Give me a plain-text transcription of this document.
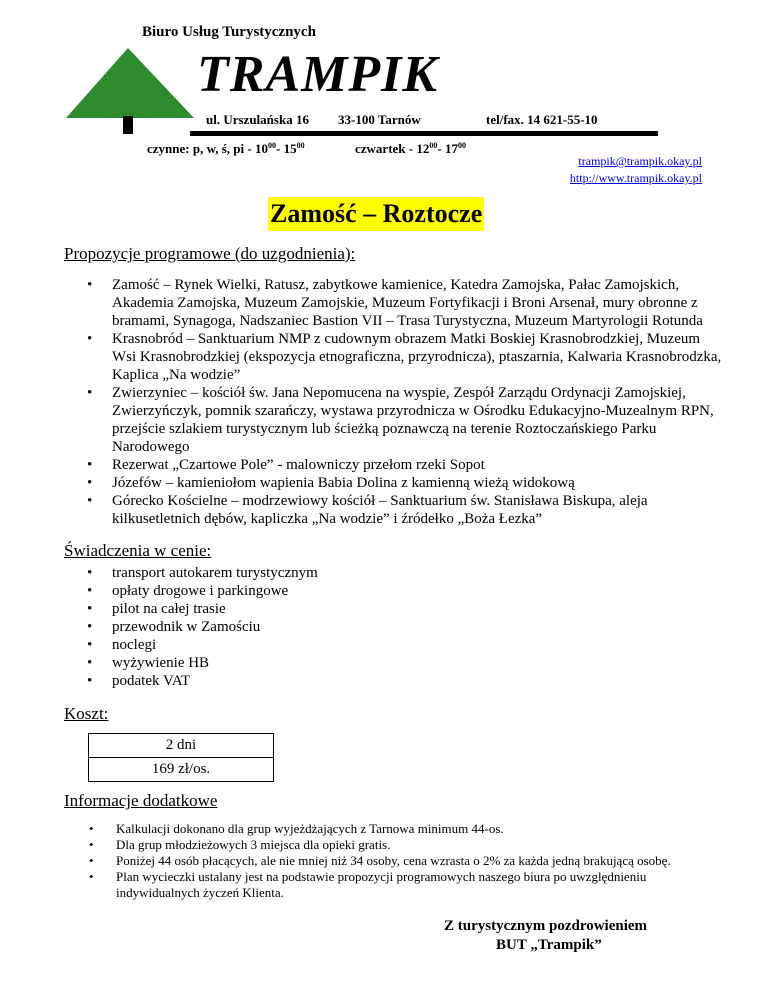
Biuro Usług Turystycznych
TRAMPIK
ul. Urszulańska 16 33-100 Tarnów	tel/fax. 14 621-55-10
czynne: p, w, ś, pi - $10^{00}-$ $15^{00}$	czwartek - $12^{00}-$ $17^{00}$
trampik@trampik.okay.pl
http://www.trampik.okay.pl
Zamość – Roztocze
Propozycje programowe (do uzgodnienia):
• Zamość – Rynek Wielki, Ratusz, zabytkowe kamienice, Katedra Zamojska, Pałac Zamojskich, Akademia Zamojska, Muzeum Zamojskie, Muzeum Fortyfikacji i Broni Arsenał, mury obronne z bramami, Synagoga, Nadszaniec Bastion VII – Trasa Turystyczna, Muzeum Martyrologii Rotunda
• Krasnobród – Sanktuarium NMP z cudownym obrazem Matki Boskiej Krasnobrodzkiej, Muzeum Wsi Krasnobrodzkiej (ekspozycja etnograficzna, przyrodnicza), ptaszarnia, Kalwaria Krasnobrodzka, Kaplica „Na wodzie”
• Zwierzyniec – kościół św. Jana Nepomucena na wyspie, Zespół Zarządu Ordynacji Zamojskiej, Zwierzyńczyk, pomnik szarańczy, wystawa przyrodnicza w Ośrodku Edukacyjno-Muzealnym RPN, przejście szlakiem turystycznym lub ścieżką poznawczą na terenie Roztoczańskiego Parku Narodowego
• Rezerwat „Czartowe Pole” - malowniczy przełom rzeki Sopot
• Józefów – kamieniołom wapienia Babia Dolina z kamienną wieżą widokową
• Górecko Kościelne – modrzewiowy kościół – Sanktuarium św. Stanisława Biskupa, aleja kilkusetletnich dębów, kapliczka „Na wodzie” i źródełko „Boża Łezka”
Świadczenia w cenie:
• transport autokarem turystycznym
• opłaty drogowe i parkingowe
• pilot na całej trasie
• przewodnik w Zamościu
• noclegi
• wyżywienie HB
• podatek VAT
Koszt:
2 dni
169 zł/os.
Informacje dodatkowe
• Kalkulacji dokonano dla grup wyjeżdżających z Tarnowa minimum 44-os.
• Dla grup młodzieżowych 3 miejsca dla opieki gratis.
• Poniżej 44 osób płacących, ale nie mniej niż 34 osoby, cena wzrasta o 2% za każda jedną brakującą osobę.
• Plan wycieczki ustalany jest na podstawie propozycji programowych naszego biura po uwzględnieniu indywidualnych życzeń Klienta.
Z turystycznym pozdrowieniem
BUT „Trampik”
